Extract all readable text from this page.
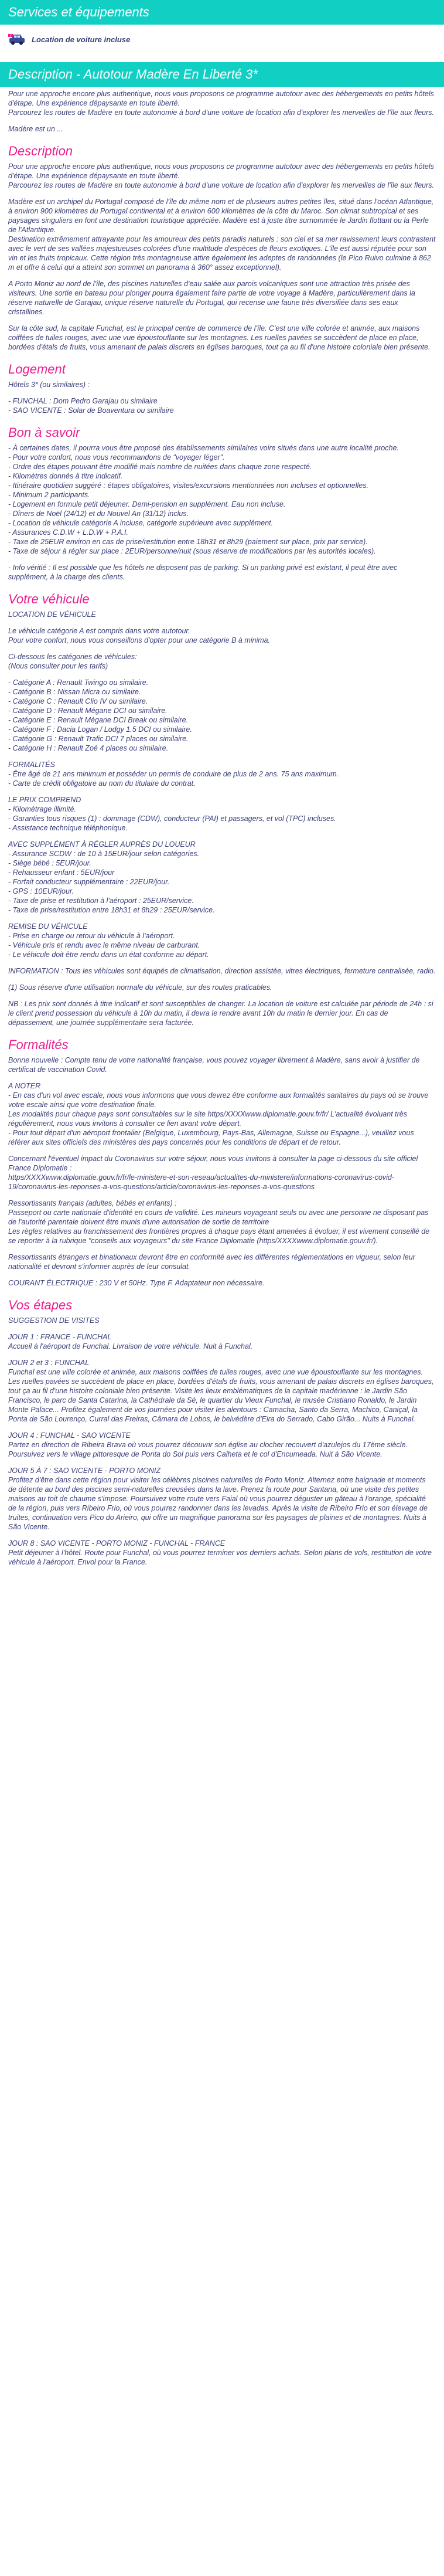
Services et équipements
$	Location de voiture incluse
Description - Autotour Madère En Liberté 3*

Pour une approche encore plus authentique, nous vous proposons ce programme autotour avec des hébergements en petits hôtels d'étape. Une expérience dépaysante en toute liberté.
Parcourez les routes de Madère en toute autonomie à bord d'une voiture de location afin d'explorer les merveilles de l'île aux fleurs.

Madère est un ...

Description

Pour une approche encore plus authentique, nous vous proposons ce programme autotour avec des hébergements en petits hôtels d'étape. Une expérience dépaysante en toute liberté.
Parcourez les routes de Madère en toute autonomie à bord d'une voiture de location afin d'explorer les merveilles de l'île aux fleurs.

Madère est un archipel du Portugal composé de l'île du même nom et de plusieurs autres petites îles, situé dans l'océan Atlantique, à environ 900 kilomètres du Portugal continental et à environ 600 kilomètres de la côte du Maroc. Son climat subtropical et ses paysages singuliers en font une destination touristique appréciée. Madère est à juste titre surnommée le Jardin flottant ou la Perle de l'Atlantique.
Destination extrêmement attrayante pour les amoureux des petits paradis naturels : son ciel et sa mer ravissement leurs contrastent avec le vert de ses vallées majestueuses colorées d'une multitude d'espèces de fleurs exotiques. L'île est aussi réputée pour son vin et les fruits tropicaux. Cette région très montagneuse attire également les adeptes de randonnées (le Pico Ruivo culmine à 862 m et offre à celui qui a atteint son sommet un panorama à 360° assez exceptionnel).

A Porto Moniz au nord de l'île, des piscines naturelles d'eau salée aux parois volcaniques sont une attraction très prisée des visiteurs. Une sortie en bateau pour plonger pourra également faire partie de votre voyage à Madère, particulièrement dans la réserve naturelle de Garajau, unique réserve naturelle du Portugal, qui recense une faune très diversifiée dans ses eaux cristallines.

Sur la côte sud, la capitale Funchal, est le principal centre de commerce de l'île. C'est une ville colorée et animée, aux maisons coiffées de tuiles rouges, avec une vue époustouflante sur les montagnes. Les ruelles pavées se succèdent de place en place, bordées d'étals de fruits, vous amenant de palais discrets en églises baroques, tout ça au fil d'une histoire coloniale bien présente.

Logement

Hôtels 3* (ou similaires) :

- FUNCHAL : Dom Pedro Garajau ou similaire
- SAO VICENTE : Solar de Boaventura ou similaire

Bon à savoir

- À certaines dates, il pourra vous être proposé des établissements similaires voire situés dans une autre localité proche.
- Pour votre confort, nous vous recommandons de "voyager léger".
- Ordre des étapes pouvant être modifié mais nombre de nuitées dans chaque zone respecté.
- Kilomètres donnés à titre indicatif.
- Itinéraire quotidien suggéré : étapes obligatoires, visites/excursions mentionnées non incluses et optionnelles.
- Minimum 2 participants.
- Logement en formule petit déjeuner. Demi-pension en supplément. Eau non incluse.
- Dîners de Noël (24/12) et du Nouvel An (31/12) inclus.
- Location de véhicule catégorie A incluse, catégorie supérieure avec supplément.
- Assurances C.D.W + L.D.W + P.A.I.
- Taxe de 25EUR environ en cas de prise/restitution entre 18h31 et 8h29 (paiement sur place, prix par service).
- Taxe de séjour à régler sur place : 2EUR/personne/nuit (sous réserve de modifications par les autorités locales).

- Info véritié : Il est possible que les hôtels ne disposent pas de parking. Si un parking privé est existant, il peut être avec supplément, à la charge des clients.

Votre véhicule

LOCATION DE VÉHICULE

Le véhicule catégorie A est compris dans votre autotour.
Pour votre confort, nous vous conseillons d'opter pour une catégorie B à minima.

Ci-dessous les catégories de véhicules:
(Nous consulter pour les tarifs)

- Catégorie A : Renault Twingo ou similaire.
- Catégorie B : Nissan Micra ou similaire.
- Catégorie C : Renault Clio IV ou similaire.
- Catégorie D : Renault Mégane DCI ou similaire.
- Catégorie E : Renault Mégane DCI Break ou similaire.
- Catégorie F : Dacia Logan / Lodgy 1.5 DCI ou similaire.
- Catégorie G : Renault Trafic DCI 7 places ou similaire.
- Catégorie H : Renault Zoé 4 places ou similaire.

FORMALITÉS
- Être âgé de 21 ans minimum et posséder un permis de conduire de plus de 2 ans. 75 ans maximum.
- Carte de crédit obligatoire au nom du titulaire du contrat.

LE PRIX COMPREND
- Kilométrage illimité.
- Garanties tous risques (1) : dommage (CDW), conducteur (PAI) et passagers, et vol (TPC) incluses.
- Assistance technique téléphonique.

AVEC SUPPLÉMENT À RÉGLER AUPRÈS DU LOUEUR
- Assurance SCDW : de 10 à 15EUR/jour selon catégories.
- Siège bébé : 5EUR/jour.
- Rehausseur enfant : 5EUR/jour
- Forfait conducteur supplémentaire : 22EUR/jour.
- GPS : 10EUR/jour.
- Taxe de prise et restitution à l'aéroport : 25EUR/service.
- Taxe de prise/restitution entre 18h31 et 8h29 : 25EUR/service.

REMISE DU VÉHICULE
- Prise en charge ou retour du véhicule à l'aéroport.
- Véhicule pris et rendu avec le même niveau de carburant.
- Le véhicule doit être rendu dans un état conforme au départ.

INFORMATION : Tous les véhicules sont équipés de climatisation, direction assistée, vitres électriques, fermeture centralisée, radio.

(1) Sous réserve d'une utilisation normale du véhicule, sur des routes praticables.

NB : Les prix sont donnés à titre indicatif et sont susceptibles de changer. La location de voiture est calculée par période de 24h : si le client prend possession du véhicule à 10h du matin, il devra le rendre avant 10h du matin le dernier jour. En cas de dépassement, une journée supplémentaire sera facturée.

Formalités

Bonne nouvelle : Compte tenu de votre nationalité française, vous pouvez voyager librement à Madère, sans avoir à justifier de certificat de vaccination Covid.

A NOTER
- En cas d'un vol avec escale, nous vous informons que vous devrez être conforme aux formalités sanitaires du pays où se trouve votre escale ainsi que votre destination finale.
Les modalités pour chaque pays sont consultables sur le site https/XXXXwww.diplomatie.gouv.fr/fr/ L'actualité évoluant très régulièrement, nous vous invitons à consulter ce lien avant votre départ.
- Pour tout départ d'un aéroport frontalier (Belgique, Luxembourg, Pays-Bas, Allemagne, Suisse ou Espagne...), veuillez vous référer aux sites officiels des ministères des pays concernés pour les conditions de départ et de retour.

Concernant l'éventuel impact du Coronavirus sur votre séjour, nous vous invitons à consulter la page ci-dessous du site officiel France Diplomatie :
https/XXXXwww.diplomatie.gouv.fr/fr/le-ministere-et-son-reseau/actualites-du-ministere/informations-coronavirus-covid-19/coronavirus-les-reponses-a-vos-questions/article/coronavirus-les-reponses-a-vos-questions

Ressortissants français (adultes, bébés et enfants) :
Passeport ou carte nationale d'identité en cours de validité. Les mineurs voyageant seuls ou avec une personne ne disposant pas de l'autorité parentale doivent être munis d'une autorisation de sortie de territoire
Les règles relatives au franchissement des frontières propres à chaque pays étant amenées à évoluer, il est vivement conseillé de se reporter à la rubrique "conseils aux voyageurs" du site France Diplomatie (https/XXXXwww.diplomatie.gouv.fr/).

Ressortissants étrangers et binationaux devront être en conformité avec les différentes réglementations en vigueur, selon leur nationalité et devront s'informer auprès de leur consulat.

COURANT ÉLECTRIQUE : 230 V et 50Hz. Type F. Adaptateur non nécessaire.

Vos étapes

SUGGESTION DE VISITES

JOUR 1 : FRANCE - FUNCHAL
Accueil à l'aéroport de Funchal. Livraison de votre véhicule. Nuit à Funchal.

JOUR 2 et 3 : FUNCHAL
Funchal est une ville colorée et animée, aux maisons coiffées de tuiles rouges, avec une vue époustouflante sur les montagnes. Les ruelles pavées se succèdent de place en place, bordées d'étals de fruits, vous amenant de palais discrets en églises baroques, tout ça au fil d'une histoire coloniale bien présente. Visite les lieux emblématiques de la capitale madérienne : le Jardin São Francisco, le parc de Santa Catarina, la Cathédrale da Sé, le quartier du Vieux Funchal, le musée Cristiano Ronaldo, le Jardin Monte Palace... Profitez également de vos journées pour visiter les alentours : Camacha, Santo da Serra, Machico, Caniçal, la Ponta de São Lourenço, Curral das Freiras, Câmara de Lobos, le belvédère d'Eira do Serrado, Cabo Girão... Nuits à Funchal.

JOUR 4 : FUNCHAL - SAO VICENTE
Partez en direction de Ribeira Brava où vous pourrez découvrir son église au clocher recouvert d'azulejos du 17ème siècle. Poursuivez vers le village pittoresque de Ponta do Sol puis vers Calheta et le col d'Encumeada. Nuit à São Vicente.

JOUR 5 À 7 : SAO VICENTE - PORTO MONIZ
Profitez d'être dans cette région pour visiter les célèbres piscines naturelles de Porto Moniz. Alternez entre baignade et moments de détente au bord des piscines semi-naturelles creusées dans la lave. Prenez la route pour Santana, où une visite des petites maisons au toit de chaume s'impose. Poursuivez votre route vers Faial où vous pourrez déguster un gâteau à l'orange, spécialité de la région, puis vers Ribeiro Frio, où vous pourrez randonner dans les levadas. Après la visite de Ribeiro Frio et son élevage de truites, continuation vers Pico do Arieiro, qui offre un magnifique panorama sur les paysages de plaines et de montagnes. Nuits à São Vicente.

JOUR 8 : SAO VICENTE - PORTO MONIZ - FUNCHAL - FRANCE
Petit déjeuner à l'hôtel. Route pour Funchal, où vous pourrez terminer vos derniers achats. Selon plans de vols, restitution de votre véhicule à l'aéroport. Envol pour la France.
